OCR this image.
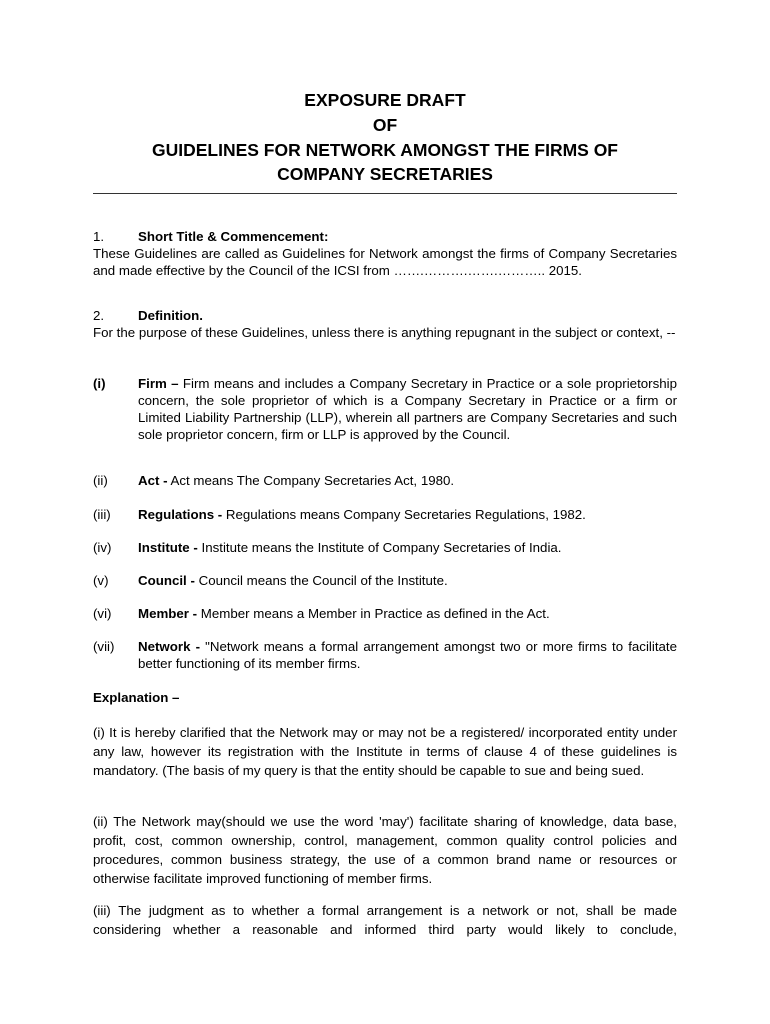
EXPOSURE DRAFT
OF
GUIDELINES FOR NETWORK AMONGST THE FIRMS OF
COMPANY SECRETARIES
1.	Short Title & Commencement:
These Guidelines are called as Guidelines for Network amongst the firms of Company Secretaries and made effective by the Council of the ICSI from …….……….…….……….. 2015.
2.	Definition.
For the purpose of these Guidelines, unless there is anything repugnant in the subject or context, --
(i) Firm – Firm means and includes a Company Secretary in Practice or a sole proprietorship concern, the sole proprietor of which is a Company Secretary in Practice or a firm or Limited Liability Partnership (LLP), wherein all partners are Company Secretaries and such sole proprietor concern, firm or LLP is approved by the Council.
(ii) Act - Act means The Company Secretaries Act, 1980.
(iii) Regulations - Regulations means Company Secretaries Regulations, 1982.
(iv) Institute - Institute means the Institute of Company Secretaries of India.
(v) Council - Council means the Council of the Institute.
(vi) Member - Member means a Member in Practice as defined in the Act.
(vii) Network - "Network means a formal arrangement amongst two or more firms to facilitate better functioning of its member firms.
Explanation –
(i) It is hereby clarified that the Network may or may not be a registered/ incorporated entity under any law, however its registration with the Institute in terms of clause 4 of these guidelines is mandatory. (The basis of my query is that the entity should be capable to sue and being sued.
(ii) The Network may(should we use the word 'may') facilitate sharing of knowledge, data base, profit, cost, common ownership, control, management, common quality control policies and procedures, common business strategy, the use of a common brand name or resources or otherwise facilitate improved functioning of member firms.
(iii) The judgment as to whether a formal arrangement is a network or not, shall be made considering whether a reasonable and informed third party would likely to conclude,
